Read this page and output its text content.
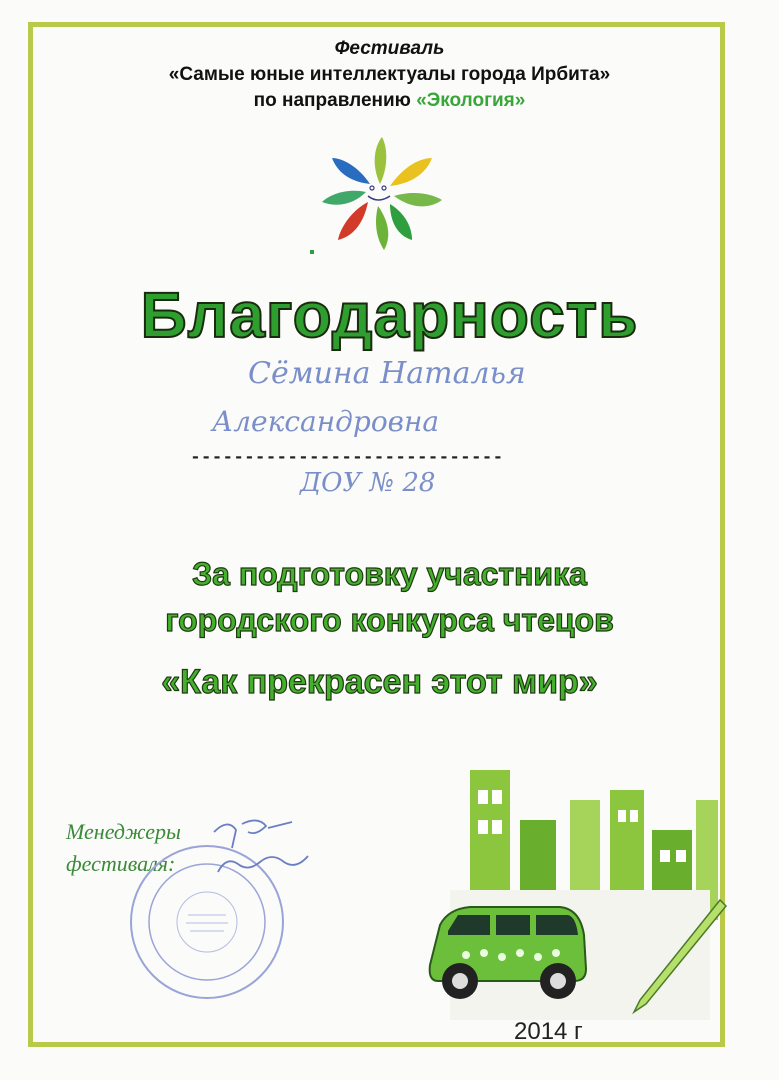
Фестиваль
«Самые юные интеллектуалы города Ирбита»
по направлению «Экология»
Благодарность
Сёмина Наталья
Александровна
-----------------------------
ДОУ № 28
За подготовку участника
городского конкурса чтецов
«Как прекрасен этот мир»
Менеджеры
фестиваля:
2014 г
